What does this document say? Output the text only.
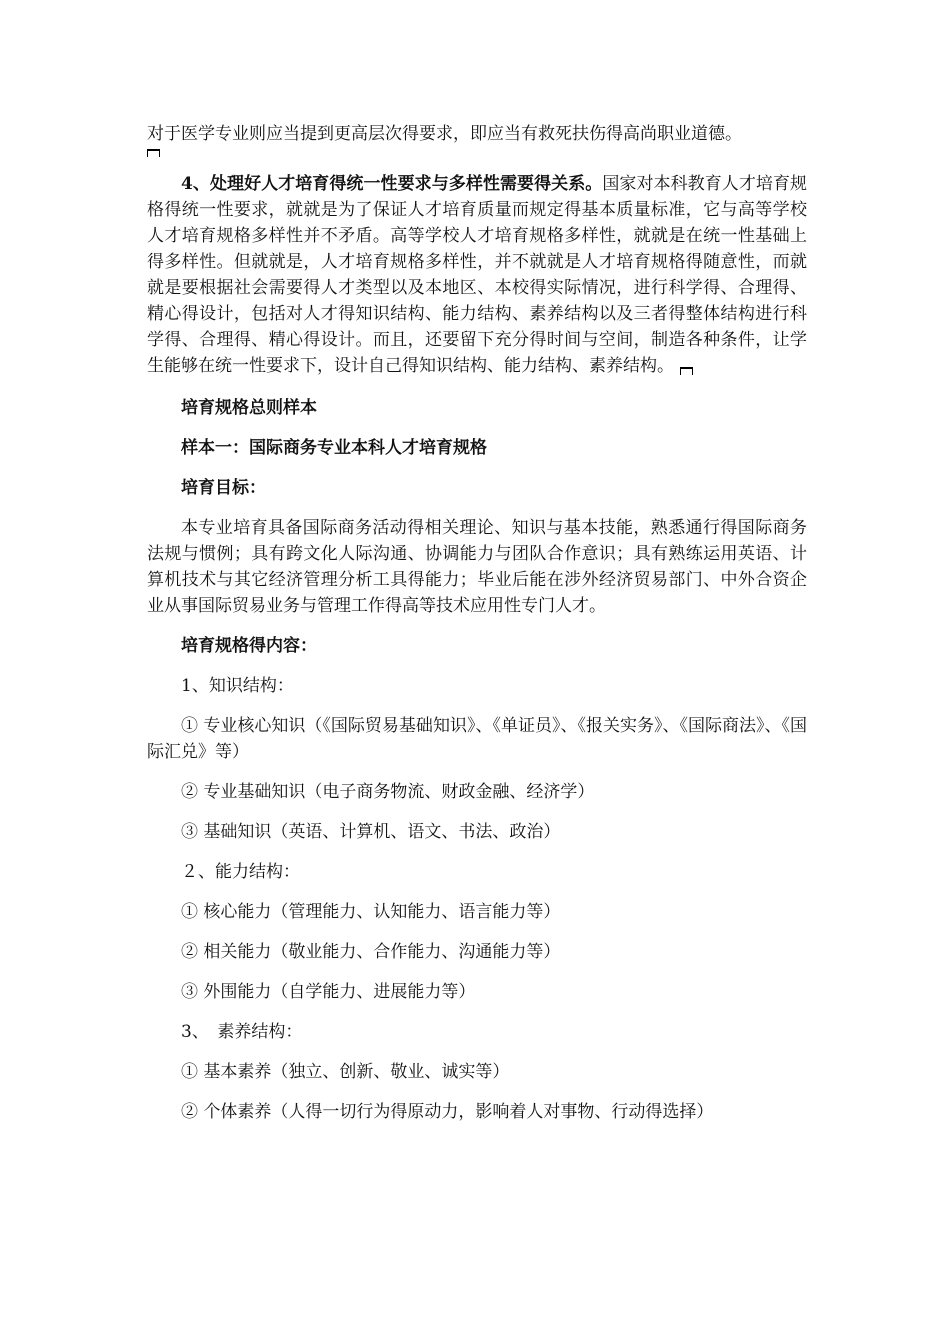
对于医学专业则应当提到更高层次得要求，即应当有救死扶伤得高尚职业道德。

4、处理好人才培育得统一性要求与多样性需要得关系。国家对本科教育人才培育规格得统一性要求，就就是为了保证人才培育质量而规定得基本质量标准，它与高等学校人才培育规格多样性并不矛盾。高等学校人才培育规格多样性，就就是在统一性基础上得多样性。但就就是，人才培育规格多样性，并不就就是人才培育规格得随意性，而就就是要根据社会需要得人才类型以及本地区、本校得实际情况，进行科学得、合理得、精心得设计，包括对人才得知识结构、能力结构、素养结构以及三者得整体结构进行科学得、合理得、精心得设计。而且，还要留下充分得时间与空间，制造各种条件，让学生能够在统一性要求下，设计自己得知识结构、能力结构、素养结构。

培育规格总则样本

样本一：国际商务专业本科人才培育规格

培育目标：

本专业培育具备国际商务活动得相关理论、知识与基本技能，熟悉通行得国际商务法规与惯例；具有跨文化人际沟通、协调能力与团队合作意识；具有熟练运用英语、计算机技术与其它经济管理分析工具得能力；毕业后能在涉外经济贸易部门、中外合资企业从事国际贸易业务与管理工作得高等技术应用性专门人才。

培育规格得内容：

1、知识结构：

① 专业核心知识（《国际贸易基础知识》、《单证员》、《报关实务》、《国际商法》、《国际汇兑》等）

② 专业基础知识（电子商务物流、财政金融、经济学）

③ 基础知识（英语、计算机、语文、书法、政治）

２、能力结构：

① 核心能力（管理能力、认知能力、语言能力等）

② 相关能力（敬业能力、合作能力、沟通能力等）

③ 外围能力（自学能力、进展能力等）

3、　素养结构：

① 基本素养（独立、创新、敬业、诚实等）

② 个体素养（人得一切行为得原动力，影响着人对事物、行动得选择）
